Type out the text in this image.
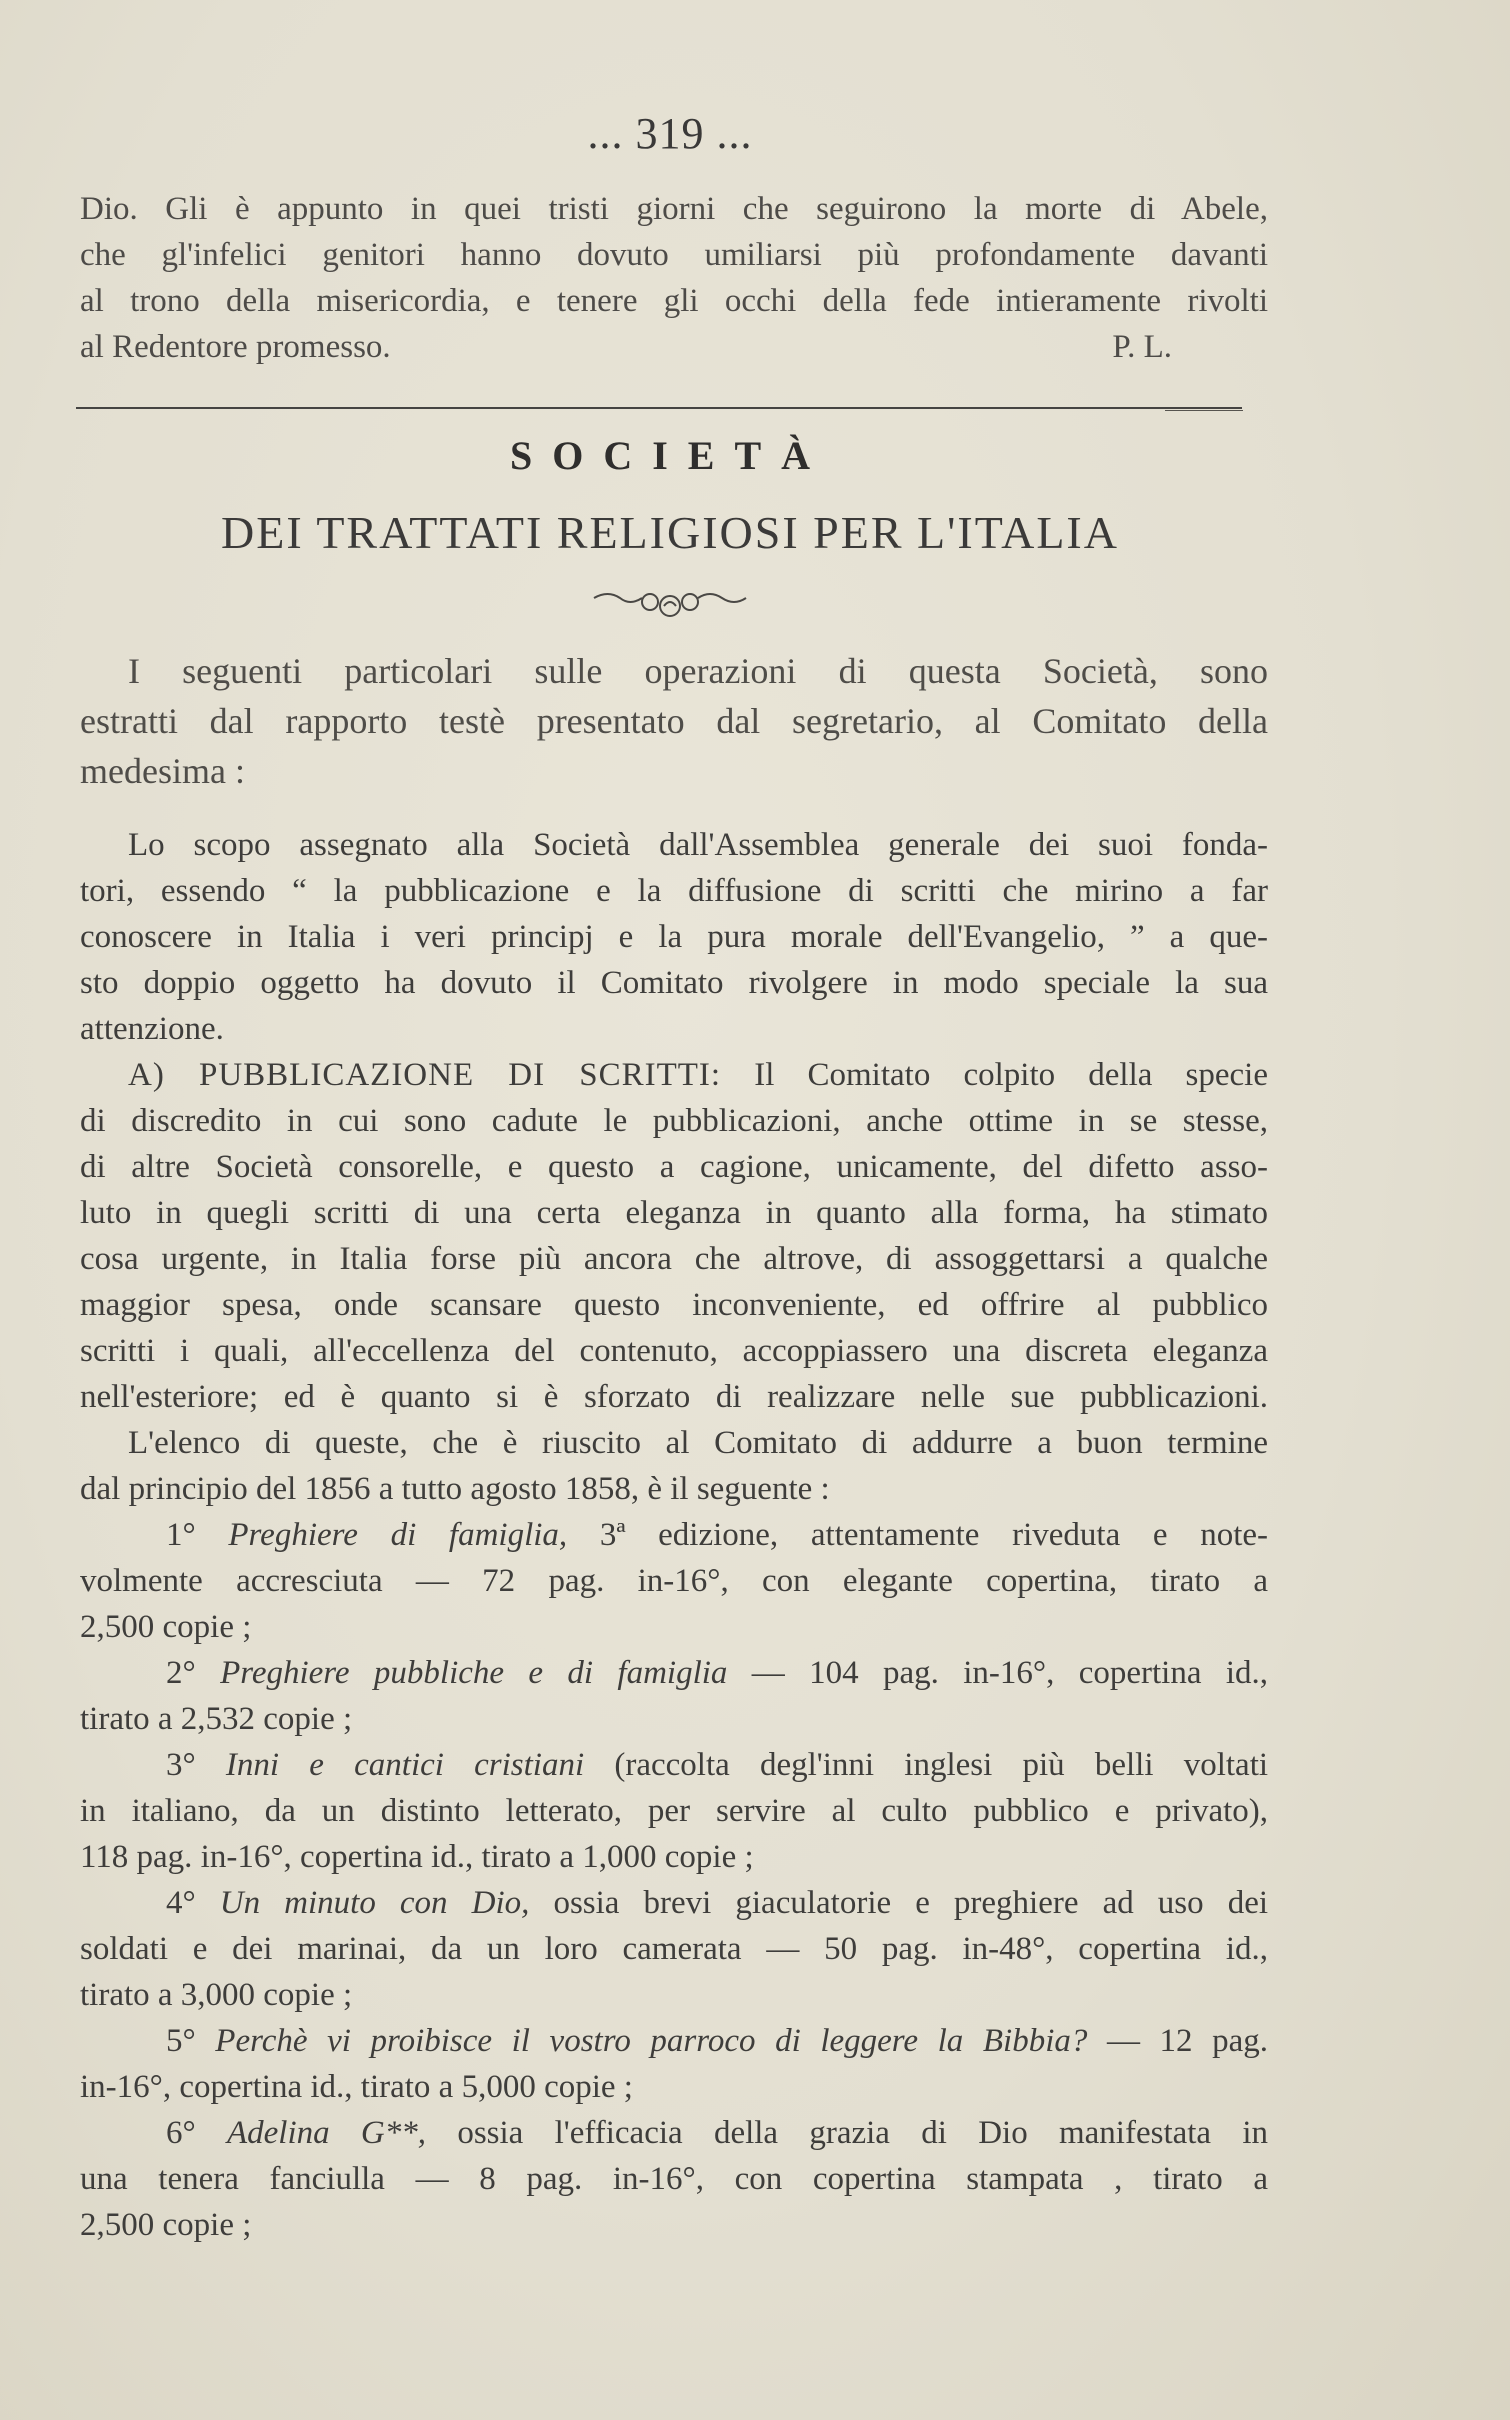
... 319 ...
Dio. Gli è appunto in quei tristi giorni che seguirono la morte di Abele,
che gl'infelici genitori hanno dovuto umiliarsi più profondamente davanti
al trono della misericordia, e tenere gli occhi della fede intieramente rivolti
al Redentore promesso.	P. L.
SOCIETÀ
DEI TRATTATI RELIGIOSI PER L'ITALIA
I seguenti particolari sulle operazioni di questa Società, sono
estratti dal rapporto testè presentato dal segretario, al Comitato della
medesima :
Lo scopo assegnato alla Società dall'Assemblea generale dei suoi fonda-
tori, essendo “ la pubblicazione e la diffusione di scritti che mirino a far
conoscere in Italia i veri principj e la pura morale dell'Evangelio, ” a que-
sto doppio oggetto ha dovuto il Comitato rivolgere in modo speciale la sua
attenzione.
A) PUBBLICAZIONE DI SCRITTI: Il Comitato colpito della specie
di discredito in cui sono cadute le pubblicazioni, anche ottime in se stesse,
di altre Società consorelle, e questo a cagione, unicamente, del difetto asso-
luto in quegli scritti di una certa eleganza in quanto alla forma, ha stimato
cosa urgente, in Italia forse più ancora che altrove, di assoggettarsi a qualche
maggior spesa, onde scansare questo inconveniente, ed offrire al pubblico
scritti i quali, all'eccellenza del contenuto, accoppiassero una discreta eleganza
nell'esteriore; ed è quanto si è sforzato di realizzare nelle sue pubblicazioni.
L'elenco di queste, che è riuscito al Comitato di addurre a buon termine
dal principio del 1856 a tutto agosto 1858, è il seguente :
1° Preghiere di famiglia, 3ª edizione, attentamente riveduta e note-
volmente accresciuta — 72 pag. in-16°, con elegante copertina, tirato a
2,500 copie ;
2° Preghiere pubbliche e di famiglia — 104 pag. in-16°, copertina id.,
tirato a 2,532 copie ;
3° Inni e cantici cristiani (raccolta degl'inni inglesi più belli voltati
in italiano, da un distinto letterato, per servire al culto pubblico e privato),
118 pag. in-16°, copertina id., tirato a 1,000 copie ;
4° Un minuto con Dio, ossia brevi giaculatorie e preghiere ad uso dei
soldati e dei marinai, da un loro camerata — 50 pag. in-48°, copertina id.,
tirato a 3,000 copie ;
5° Perchè vi proibisce il vostro parroco di leggere la Bibbia? — 12 pag.
in-16°, copertina id., tirato a 5,000 copie ;
6° Adelina G**, ossia l'efficacia della grazia di Dio manifestata in
una tenera fanciulla — 8 pag. in-16°, con copertina stampata , tirato a
2,500 copie ;
